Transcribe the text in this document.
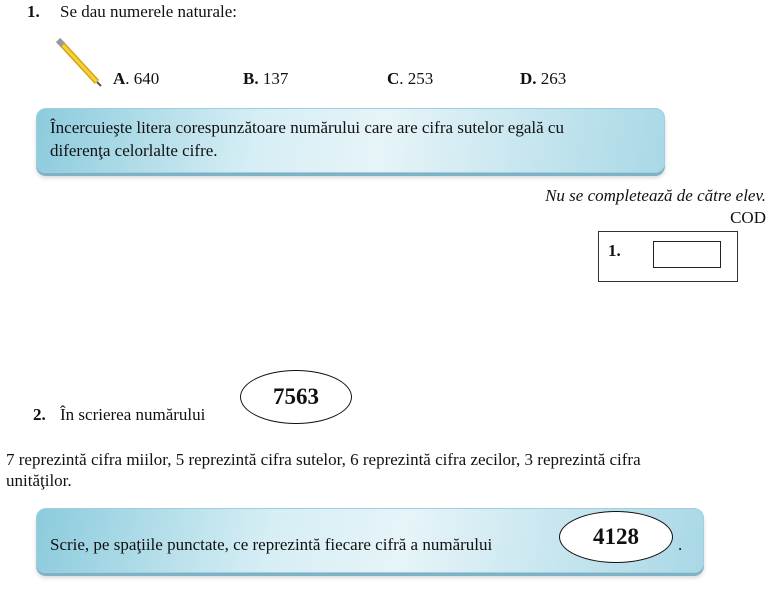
1. Se dau numerele naturale:
A. 640	B. 137	C. 253	D. 263
Încercuieşte litera corespunzătoare numărului care are cifra sutelor egală cu
diferenţa celorlalte cifre.
Nu se completează de către elev.
COD
1.
2. În scrierea numărului
7563
7 reprezintă cifra miilor, 5 reprezintă cifra sutelor, 6 reprezintă cifra zecilor, 3 reprezintă cifra
unităţilor.
Scrie, pe spaţiile punctate, ce reprezintă fiecare cifră a numărului	4128	.
